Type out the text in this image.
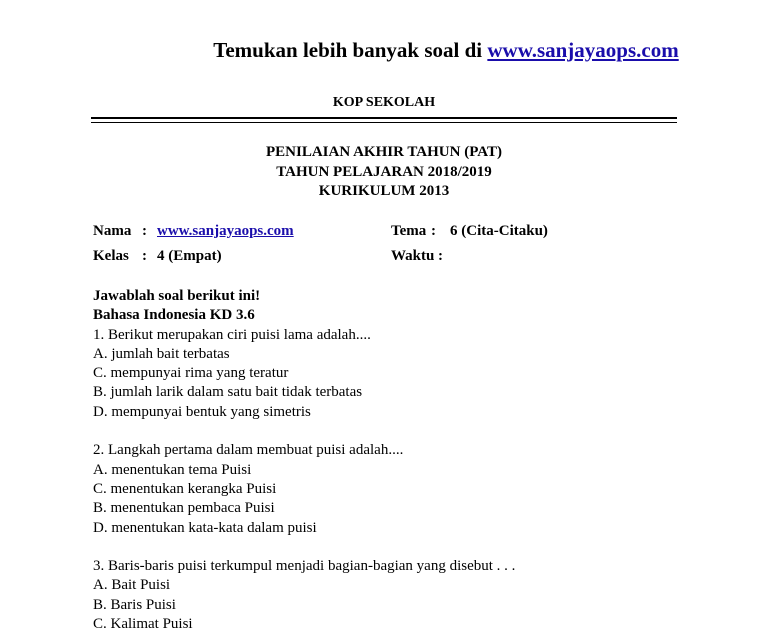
Temukan lebih banyak soal di www.sanjayaops.com
KOP SEKOLAH
PENILAIAN AKHIR TAHUN (PAT)
TAHUN PELAJARAN 2018/2019
KURIKULUM 2013
Nama : www.sanjayaops.com	Tema : 6 (Cita-Citaku)
Kelas : 4 (Empat)	Waktu :
Jawablah soal berikut ini!
Bahasa Indonesia KD 3.6
1. Berikut merupakan ciri puisi lama adalah....
A. jumlah bait terbatas
C. mempunyai rima yang teratur
B. jumlah larik dalam satu bait tidak terbatas
D. mempunyai bentuk yang simetris
2. Langkah pertama dalam membuat puisi adalah....
A. menentukan tema Puisi
C. menentukan kerangka Puisi
B. menentukan pembaca Puisi
D. menentukan kata-kata dalam puisi
3. Baris-baris puisi terkumpul menjadi bagian-bagian yang disebut . . .
A. Bait Puisi
B. Baris Puisi
C. Kalimat Puisi
